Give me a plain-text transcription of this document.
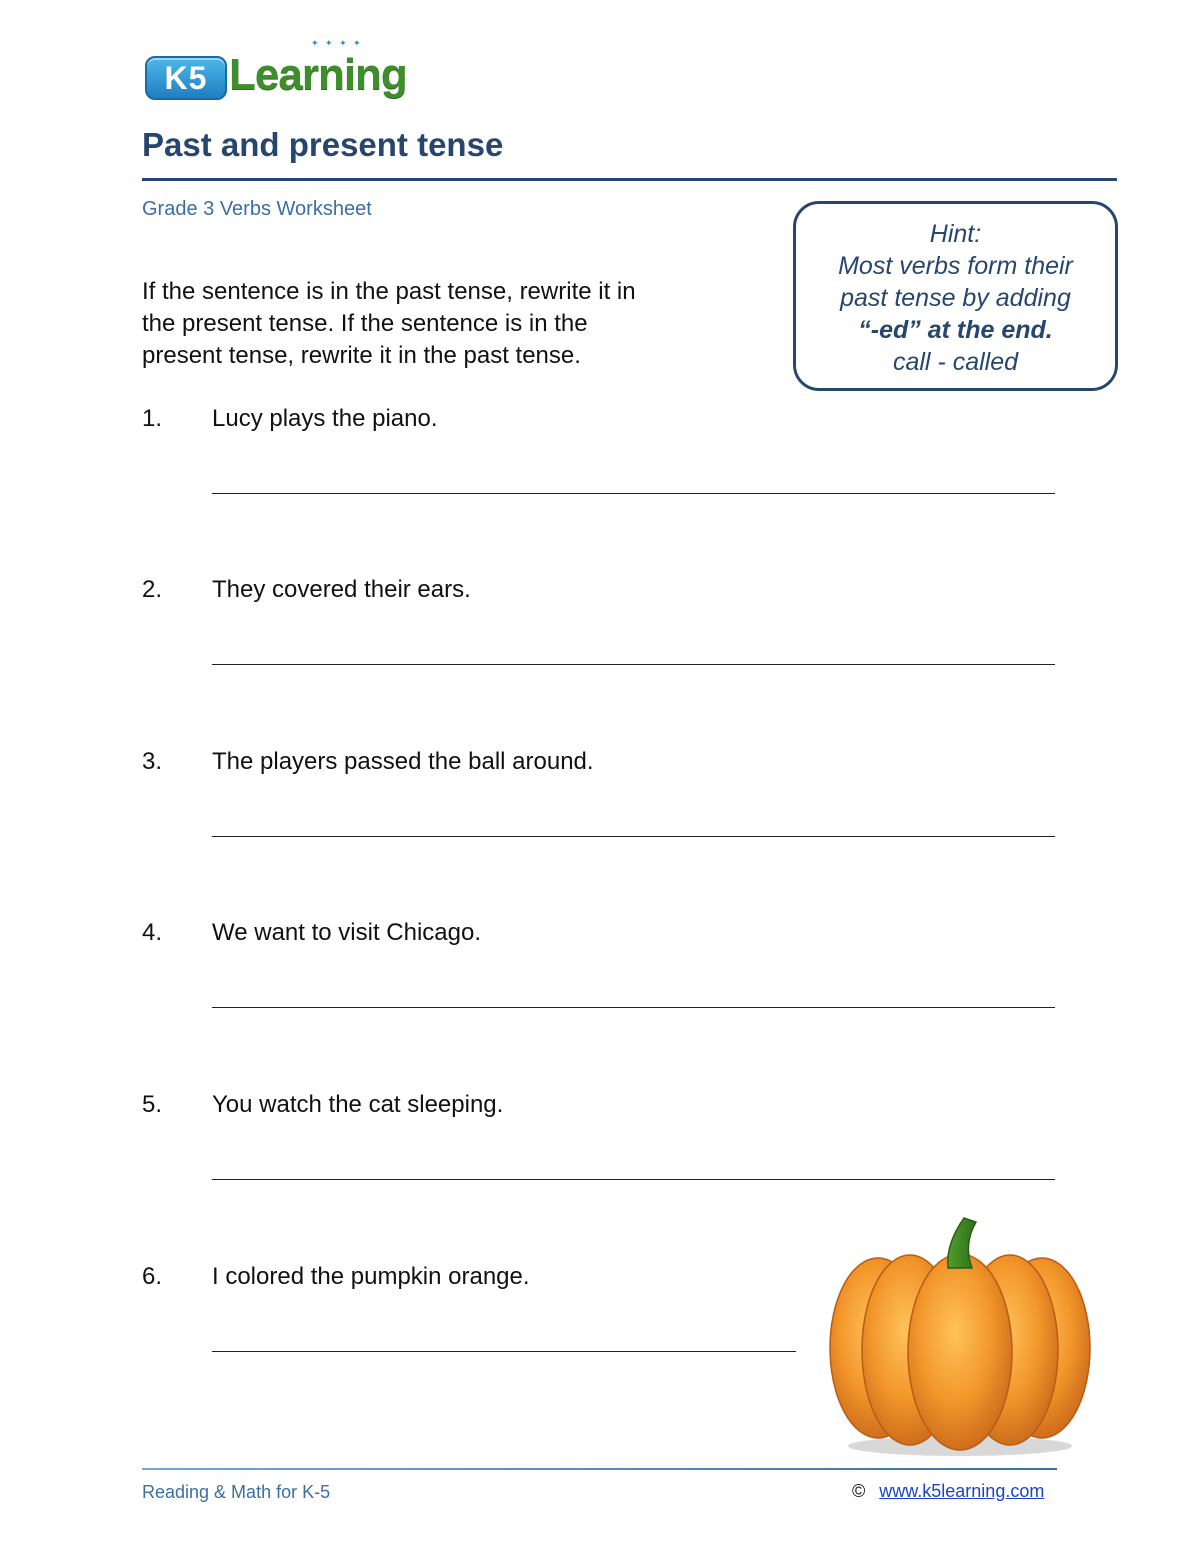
K5 Learning
✦ ✦ ✦ ✦
Past and present tense
Grade 3 Verbs Worksheet
If the sentence is in the past tense, rewrite it in
the present tense. If the sentence is in the
present tense, rewrite it in the past tense.
Hint:
Most verbs form their
past tense by adding
“-ed” at the end.
call - called
1. Lucy plays the piano.
2. They covered their ears.
3. The players passed the ball around.
4. We want to visit Chicago.
5. You watch the cat sleeping.
6. I colored the pumpkin orange.
Reading & Math for K-5	© www.k5learning.com
